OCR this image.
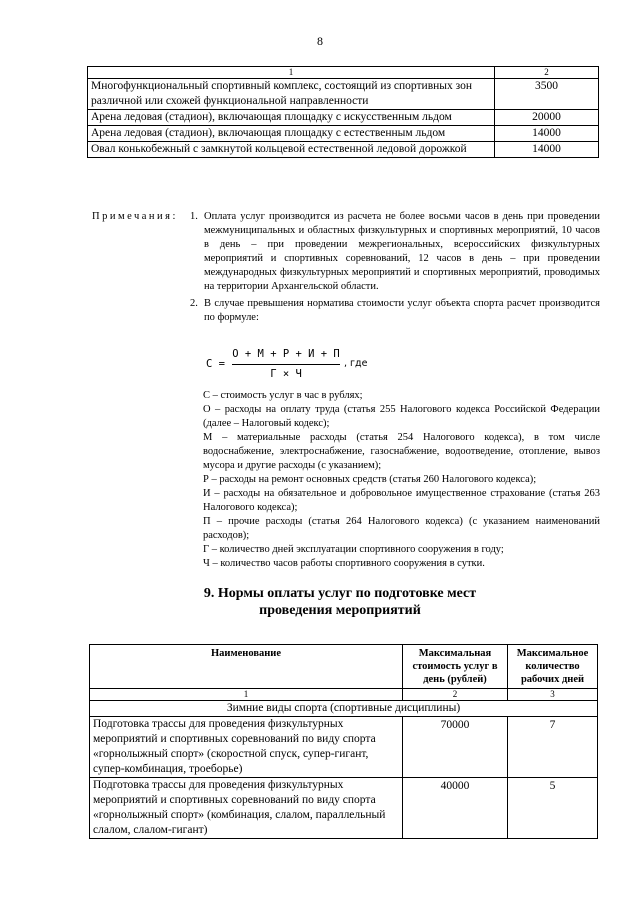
8
1	2
Многофункциональный спортивный комплекс, состоящий из спортивных зон различной или схожей функциональной направленности	3500
Арена ледовая (стадион), включающая площадку с искусственным льдом	20000
Арена ледовая (стадион), включающая площадку с естественным льдом	14000
Овал конькобежный с замкнутой кольцевой естественной ледовой дорожкой	14000
Примечания: 1. Оплата услуг производится из расчета не более восьми часов в день при проведении межмуниципальных и областных физкультурных и спортивных мероприятий, 10 часов в день – при проведении межрегиональных, всероссийских физкультурных мероприятий и спортивных соревнований, 12 часов в день – при проведении международных физкультурных мероприятий и спортивных мероприятий, проводимых на территории Архангельской области.
2. В случае превышения норматива стоимости услуг объекта спорта расчет производится по формуле:
С =
О + М + Р + И + П
Г × Ч
, где
С – стоимость услуг в час в рублях;
О – расходы на оплату труда (статья 255 Налогового кодекса Российской Федерации (далее – Налоговый кодекс);
М – материальные расходы (статья 254 Налогового кодекса), в том числе водоснабжение, электроснабжение, газоснабжение, водоотведение, отопление, вывоз мусора и другие расходы (с указанием);
Р – расходы на ремонт основных средств (статья 260 Налогового кодекса);
И – расходы на обязательное и добровольное имущественное страхование (статья 263 Налогового кодекса);
П – прочие расходы (статья 264 Налогового кодекса) (с указанием наименований расходов);
Г – количество дней эксплуатации спортивного сооружения в году;
Ч – количество часов работы спортивного сооружения в сутки.
9. Нормы оплаты услуг по подготовке мест
проведения мероприятий
Наименование	Максимальная стоимость услуг в день (рублей)	Максимальное количество рабочих дней
1	2	3
Зимние виды спорта (спортивные дисциплины)		
Подготовка трассы для проведения физкультурных мероприятий и спортивных соревнований по виду спорта «горнолыжный спорт» (скоростной спуск, супер-гигант, супер-комбинация, троеборье)	70000	7
Подготовка трассы для проведения физкультурных мероприятий и спортивных соревнований по виду спорта «горнолыжный спорт» (комбинация, слалом, параллельный слалом, слалом-гигант)	40000	5
